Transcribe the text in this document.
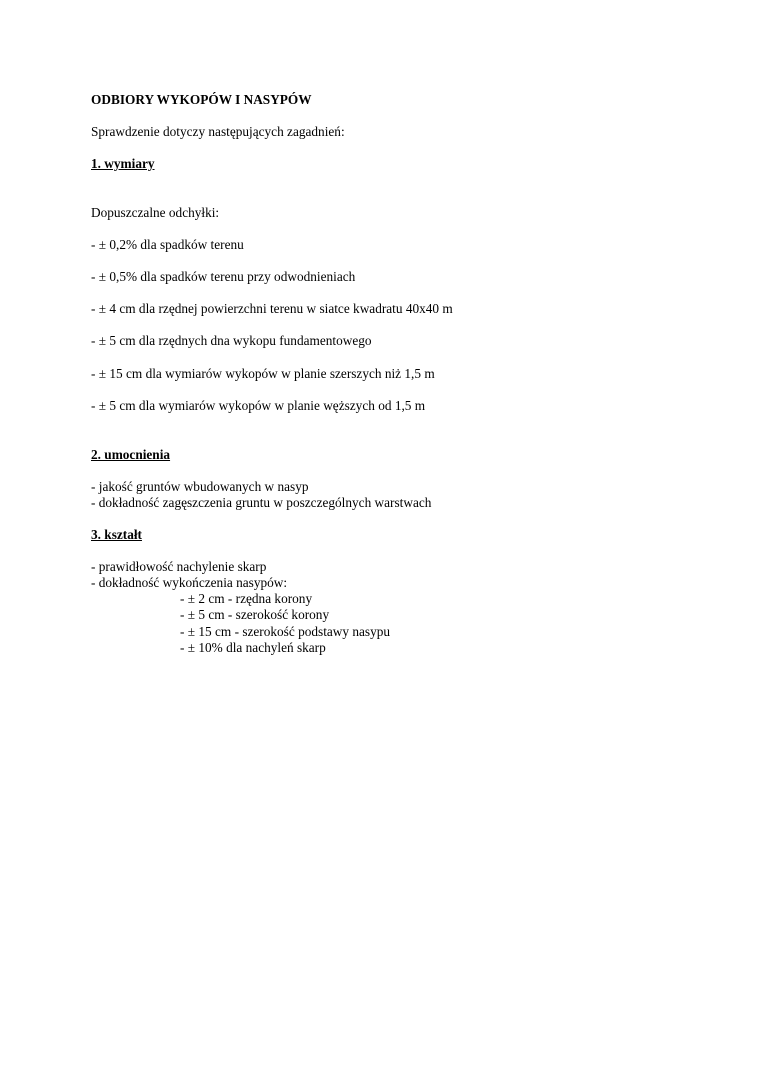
ODBIORY WYKOPÓW I NASYPÓW
Sprawdzenie dotyczy następujących zagadnień:
1. wymiary
Dopuszczalne odchyłki:
- ± 0,2% dla spadków terenu
- ± 0,5% dla spadków terenu przy odwodnieniach
- ± 4 cm dla rzędnej powierzchni terenu w siatce kwadratu 40x40 m
- ± 5 cm dla rzędnych dna wykopu fundamentowego
- ± 15 cm dla wymiarów wykopów w planie szerszych niż 1,5 m
- ± 5 cm dla wymiarów wykopów w planie węższych od 1,5 m
2. umocnienia
- jakość gruntów wbudowanych w nasyp
- dokładność zagęszczenia gruntu w poszczególnych warstwach
3. kształt
- prawidłowość nachylenie skarp
- dokładność wykończenia nasypów:
- ± 2 cm - rzędna korony
- ± 5 cm - szerokość korony
- ± 15 cm - szerokość podstawy nasypu
- ± 10% dla nachyleń skarp
